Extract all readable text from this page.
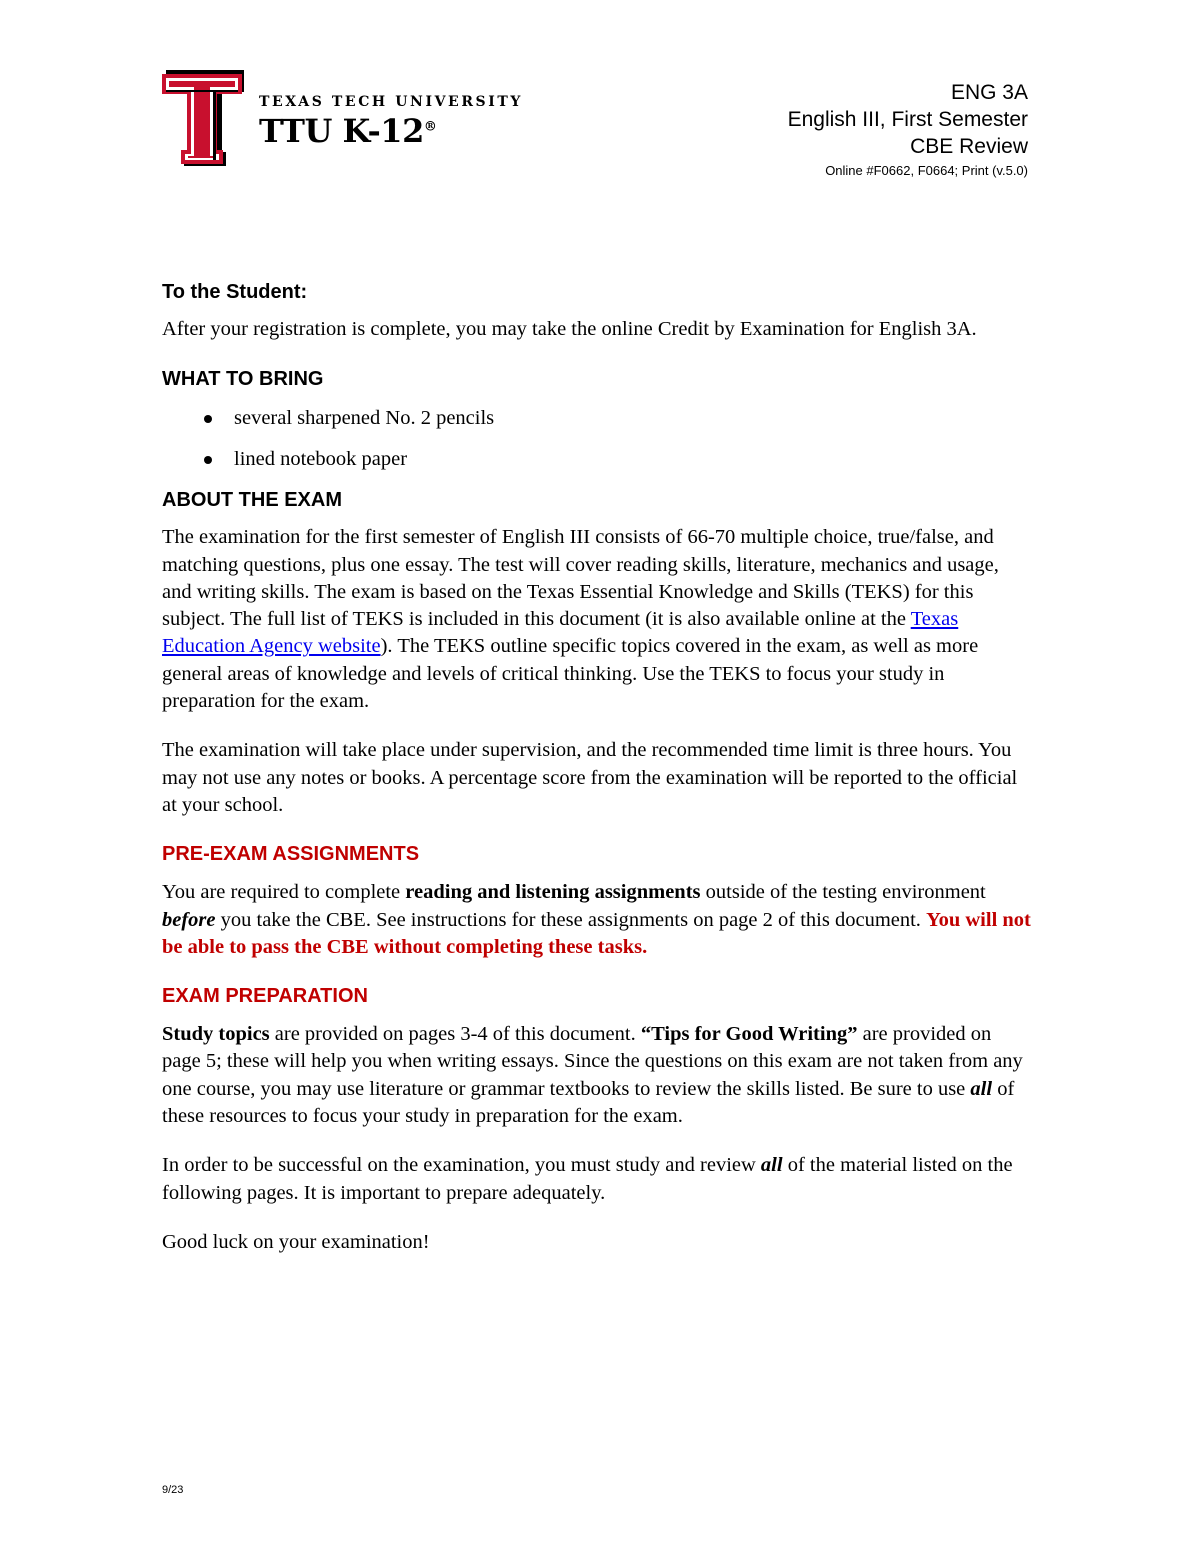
TEXAS TECH UNIVERSITY
TTU K-12®
ENG 3A
English III, First Semester
CBE Review
Online #F0662, F0664; Print (v.5.0)
To the Student:

After your registration is complete, you may take the online Credit by Examination for English 3A.

WHAT TO BRING
several sharpened No. 2 pencils
lined notebook paper
ABOUT THE EXAM

The examination for the first semester of English III consists of 66-70 multiple choice, true/false, and matching questions, plus one essay. The test will cover reading skills, literature, mechanics and usage, and writing skills. The exam is based on the Texas Essential Knowledge and Skills (TEKS) for this subject. The full list of TEKS is included in this document (it is also available online at the Texas Education Agency website). The TEKS outline specific topics covered in the exam, as well as more general areas of knowledge and levels of critical thinking. Use the TEKS to focus your study in preparation for the exam.

The examination will take place under supervision, and the recommended time limit is three hours. You may not use any notes or books. A percentage score from the examination will be reported to the official at your school.

PRE-EXAM ASSIGNMENTS

You are required to complete reading and listening assignments outside of the testing environment before you take the CBE. See instructions for these assignments on page 2 of this document. You will not be able to pass the CBE without completing these tasks.

EXAM PREPARATION

Study topics are provided on pages 3-4 of this document. “Tips for Good Writing” are provided on page 5; these will help you when writing essays. Since the questions on this exam are not taken from any one course, you may use literature or grammar textbooks to review the skills listed. Be sure to use all of these resources to focus your study in preparation for the exam.

In order to be successful on the examination, you must study and review all of the material listed on the following pages. It is important to prepare adequately.

Good luck on your examination!

9/23
